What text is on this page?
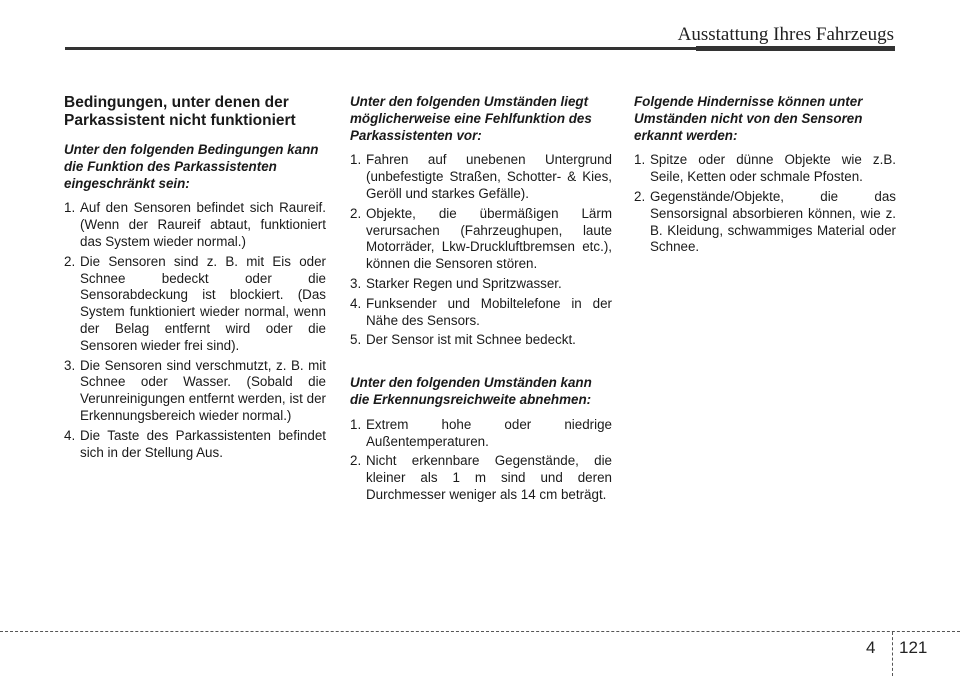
Ausstattung Ihres Fahrzeugs
Bedingungen, unter denen der Parkassistent nicht funktioniert
Unter den folgenden Bedingungen kann die Funktion des Parkassistenten eingeschränkt sein:
1. Auf den Sensoren befindet sich Raureif. (Wenn der Raureif abtaut, funktioniert das System wieder normal.)
2. Die Sensoren sind z. B. mit Eis oder Schnee bedeckt oder die Sensorabdeckung ist blockiert. (Das System funktioniert wieder normal, wenn der Belag entfernt wird oder die Sensoren wieder frei sind).
3. Die Sensoren sind verschmutzt, z. B. mit Schnee oder Wasser. (Sobald die Verunreinigungen entfernt werden, ist der Erkennungsbereich wieder normal.)
4. Die Taste des Parkassistenten befindet sich in der Stellung Aus.
Unter den folgenden Umständen liegt möglicherweise eine Fehlfunktion des Parkassistenten vor:
1. Fahren auf unebenen Untergrund (unbefestigte Straßen, Schotter- & Kies, Geröll und starkes Gefälle).
2. Objekte, die übermäßigen Lärm verursachen (Fahrzeughupen, laute Motorräder, Lkw-Druckluftbremsen etc.), können die Sensoren stören.
3. Starker Regen und Spritzwasser.
4. Funksender und Mobiltelefone in der Nähe des Sensors.
5. Der Sensor ist mit Schnee bedeckt.
Unter den folgenden Umständen kann die Erkennungsreichweite abnehmen:
1. Extrem hohe oder niedrige Außentemperaturen.
2. Nicht erkennbare Gegenstände, die kleiner als 1 m sind und deren Durchmesser weniger als 14 cm beträgt.
Folgende Hindernisse können unter Umständen nicht von den Sensoren erkannt werden:
1. Spitze oder dünne Objekte wie z.B. Seile, Ketten oder schmale Pfosten.
2. Gegenstände/Objekte, die das Sensorsignal absorbieren können, wie z. B. Kleidung, schwammiges Material oder Schnee.
4 121
